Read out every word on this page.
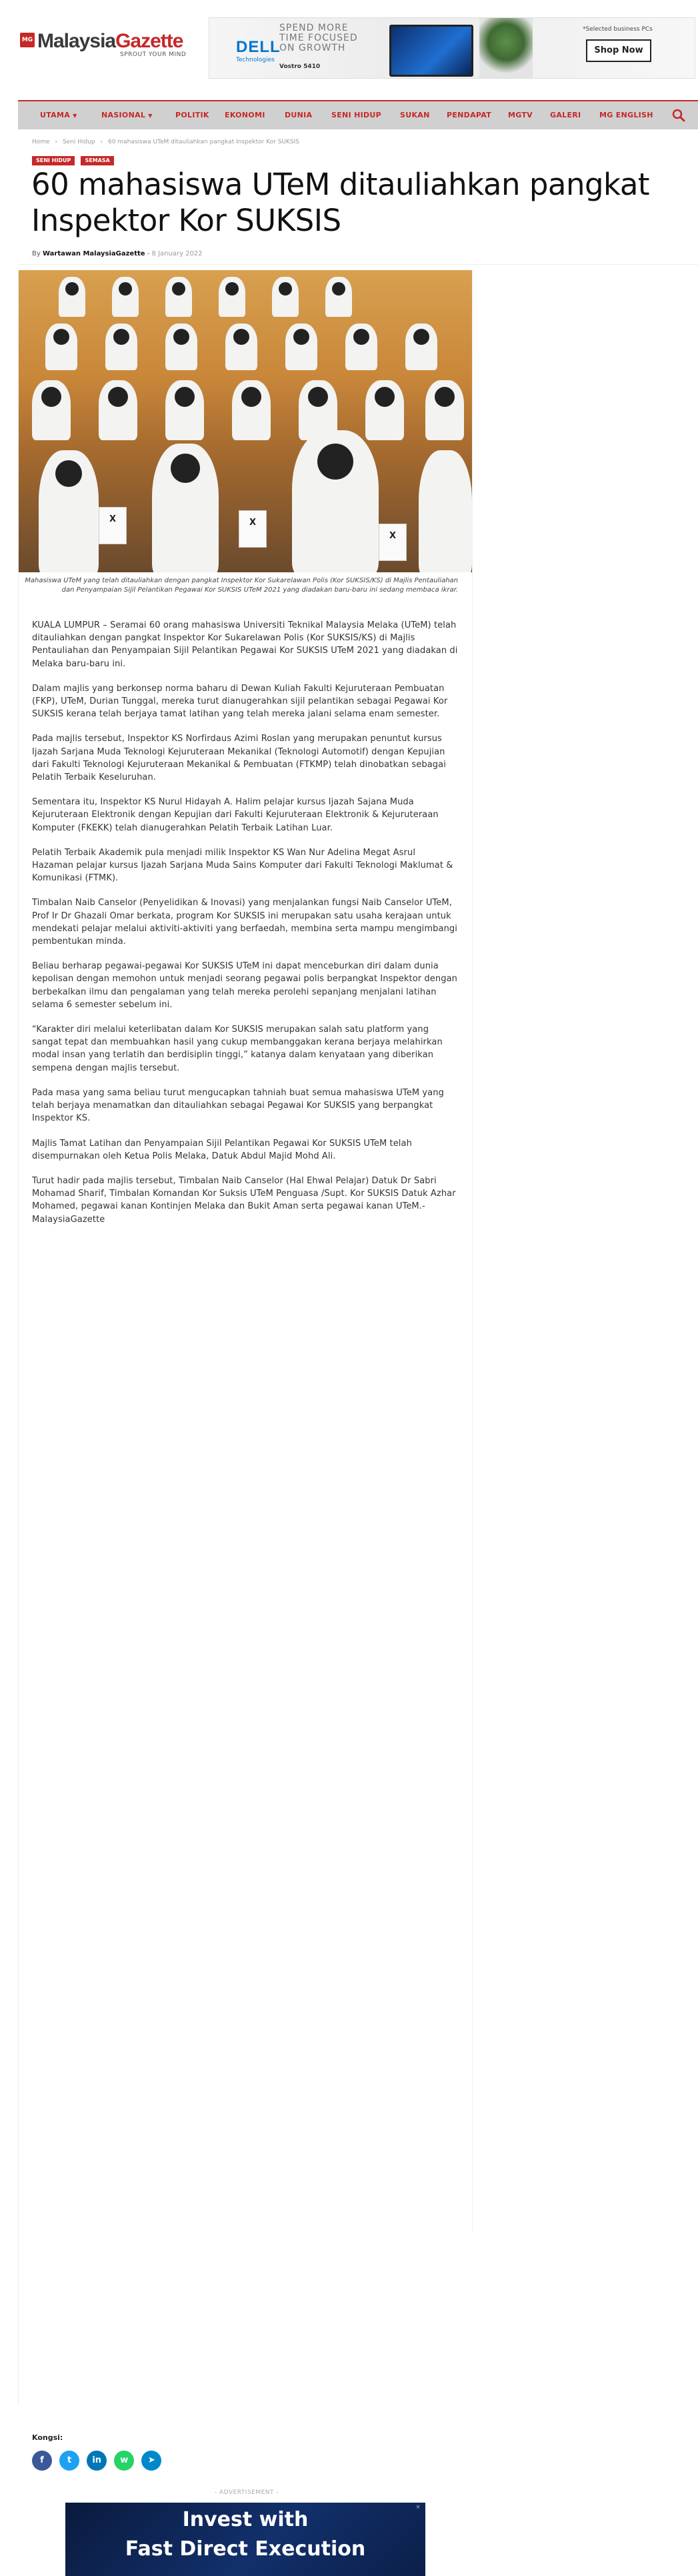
MG MalaysiaGazette
SPROUT YOUR MIND	DELL
Technologies
SPEND MORE
TIME FOCUSED
ON GROWTH
Vostro 5410
*Selected business PCs
Shop Now
UTAMA ▼	NASIONAL ▼	POLITIK EKONOMI	DUNIA	SENI HIDUP	SUKAN PENDAPAT MGTV GALERI	MG ENGLISH
Home › Seni Hidup › 60 mahasiswa UTeM ditauliahkan pangkat Inspektor Kor SUKSIS
SENI HIDUP	SEMASA
60 mahasiswa UTeM ditauliahkan pangkat Inspektor Kor SUKSIS
By Wartawan MalaysiaGazette - 8 January 2022
X	X
X
Mahasiswa UTeM yang telah ditauliahkan dengan pangkat Inspektor Kor Sukarelawan Polis (Kor SUKSIS/KS) di Majlis Pentauliahan dan Penyampaian Sijil Pelantikan Pegawai Kor SUKSIS UTeM 2021 yang diadakan baru-baru ini sedang membaca ikrar.

KUALA LUMPUR – Seramai 60 orang mahasiswa Universiti Teknikal Malaysia Melaka (UTeM) telah ditauliahkan dengan pangkat Inspektor Kor Sukarelawan Polis (Kor SUKSIS/KS) di Majlis Pentauliahan dan Penyampaian Sijil Pelantikan Pegawai Kor SUKSIS UTeM 2021 yang diadakan di Melaka baru-baru ini.

Dalam majlis yang berkonsep norma baharu di Dewan Kuliah Fakulti Kejuruteraan Pembuatan (FKP), UTeM, Durian Tunggal, mereka turut dianugerahkan sijil pelantikan sebagai Pegawai Kor SUKSIS kerana telah berjaya tamat latihan yang telah mereka jalani selama enam semester.

Pada majlis tersebut, Inspektor KS Norfirdaus Azimi Roslan yang merupakan penuntut kursus Ijazah Sarjana Muda Teknologi Kejuruteraan Mekanikal (Teknologi Automotif) dengan Kepujian dari Fakulti Teknologi Kejuruteraan Mekanikal & Pembuatan (FTKMP) telah dinobatkan sebagai Pelatih Terbaik Keseluruhan.

Sementara itu, Inspektor KS Nurul Hidayah A. Halim pelajar kursus Ijazah Sajana Muda Kejuruteraan Elektronik dengan Kepujian dari Fakulti Kejuruteraan Elektronik & Kejuruteraan Komputer (FKEKK) telah dianugerahkan Pelatih Terbaik Latihan Luar.

Pelatih Terbaik Akademik pula menjadi milik Inspektor KS Wan Nur Adelina Megat Asrul Hazaman pelajar kursus Ijazah Sarjana Muda Sains Komputer dari Fakulti Teknologi Maklumat & Komunikasi (FTMK).

Timbalan Naib Canselor (Penyelidikan & Inovasi) yang menjalankan fungsi Naib Canselor UTeM, Prof Ir Dr Ghazali Omar berkata, program Kor SUKSIS ini merupakan satu usaha kerajaan untuk mendekati pelajar melalui aktiviti-aktiviti yang berfaedah, membina serta mampu mengimbangi pembentukan minda.

Beliau berharap pegawai-pegawai Kor SUKSIS UTeM ini dapat menceburkan diri dalam dunia kepolisan dengan memohon untuk menjadi seorang pegawai polis berpangkat Inspektor dengan berbekalkan ilmu dan pengalaman yang telah mereka perolehi sepanjang menjalani latihan selama 6 semester sebelum ini.

“Karakter diri melalui keterlibatan dalam Kor SUKSIS merupakan salah satu platform yang sangat tepat dan membuahkan hasil yang cukup membanggakan kerana berjaya melahirkan modal insan yang terlatih dan berdisiplin tinggi,” katanya dalam kenyataan yang diberikan sempena dengan majlis tersebut.

Pada masa yang sama beliau turut mengucapkan tahniah buat semua mahasiswa UTeM yang telah berjaya menamatkan dan ditauliahkan sebagai Pegawai Kor SUKSIS yang berpangkat Inspektor KS.

Majlis Tamat Latihan dan Penyampaian Sijil Pelantikan Pegawai Kor SUKSIS UTeM telah disempurnakan oleh Ketua Polis Melaka, Datuk Abdul Majid Mohd Ali.

Turut hadir pada majlis tersebut, Timbalan Naib Canselor (Hal Ehwal Pelajar) Datuk Dr Sabri Mohamad Sharif, Timbalan Komandan Kor Suksis UTeM Penguasa /Supt. Kor SUKSIS Datuk Azhar Mohamed, pegawai kanan Kontinjen Melaka dan Bukit Aman serta pegawai kanan UTeM.- MalaysiaGazette

Kongsi:
f
	t
	in
	w
	➤
- ADVERTISEMENT -
Invest with
Fast Direct Execution
×
